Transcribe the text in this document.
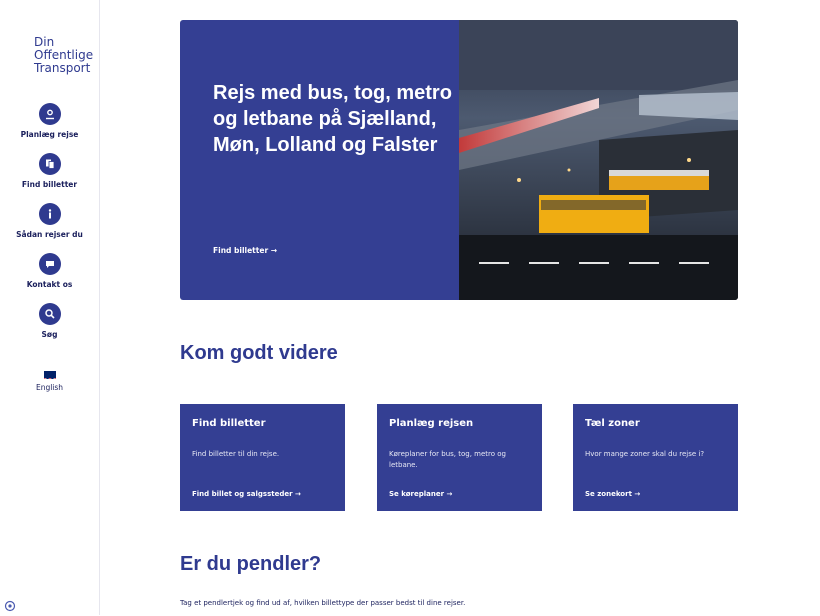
Din
Offentlige
Transport
Planlæg rejse
Find billetter
Sådan rejser du
Kontakt os
Søg
English
Rejs med bus, tog, metro og letbane på Sjælland, Møn, Lolland og Falster
Find billetter →
Kom godt videre
Find billetter
Find billetter til din rejse.
Find billet og salgssteder →
Planlæg rejsen
Køreplaner for bus, tog, metro og letbane.
Se køreplaner →
Tæl zoner
Hvor mange zoner skal du rejse i?
Se zonekort →
Er du pendler?
Tag et pendlertjek og find ud af, hvilken billettype der passer bedst til dine rejser.
